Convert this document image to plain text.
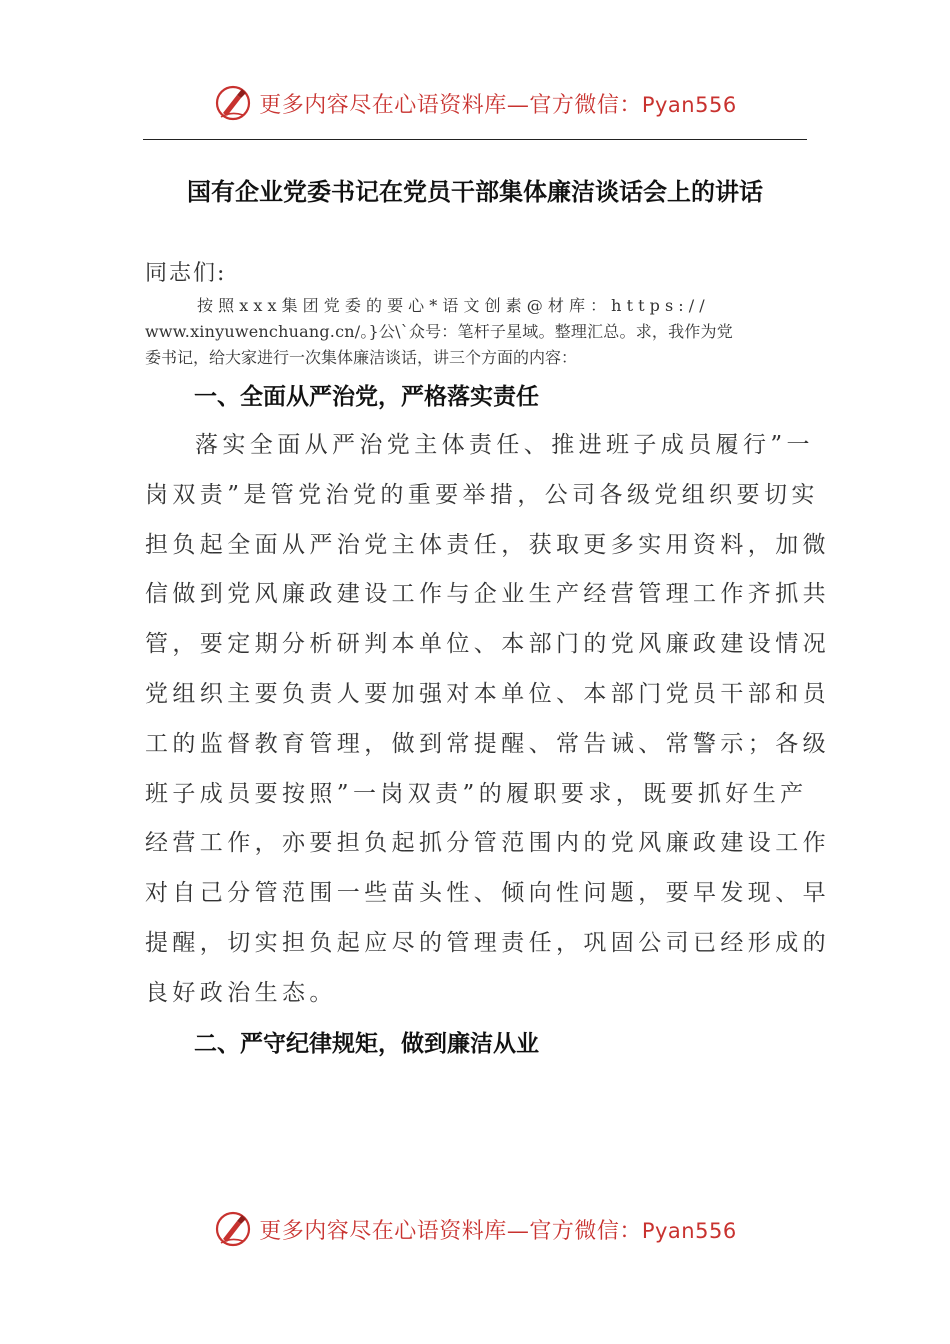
更多内容尽在心语资料库—官方微信：Pyan556
国有企业党委书记在党员干部集体廉洁谈话会上的讲话
同志们:
按照xxx集团党委的要心*语文创素@材库：https://
www.xinyuwenchuang.cn/。}公\`众号：笔杆子星域。整理汇总。求，我作为党
委书记，给大家进行一次集体廉洁谈话，讲三个方面的内容：
一、全面从严治党，严格落实责任
落实全面从严治党主体责任、推进班子成员履行”一
岗双责”是管党治党的重要举措，公司各级党组织要切实
担负起全面从严治党主体责任，获取更多实用资料，加微
信做到党风廉政建设工作与企业生产经营管理工作齐抓共
管，要定期分析研判本单位、本部门的党风廉政建设情况
党组织主要负责人要加强对本单位、本部门党员干部和员
工的监督教育管理，做到常提醒、常告诫、常警示；各级
班子成员要按照”一岗双责”的履职要求，既要抓好生产
经营工作，亦要担负起抓分管范围内的党风廉政建设工作
对自己分管范围一些苗头性、倾向性问题，要早发现、早
提醒，切实担负起应尽的管理责任，巩固公司已经形成的
良好政治生态。
二、严守纪律规矩，做到廉洁从业
更多内容尽在心语资料库—官方微信：Pyan556
